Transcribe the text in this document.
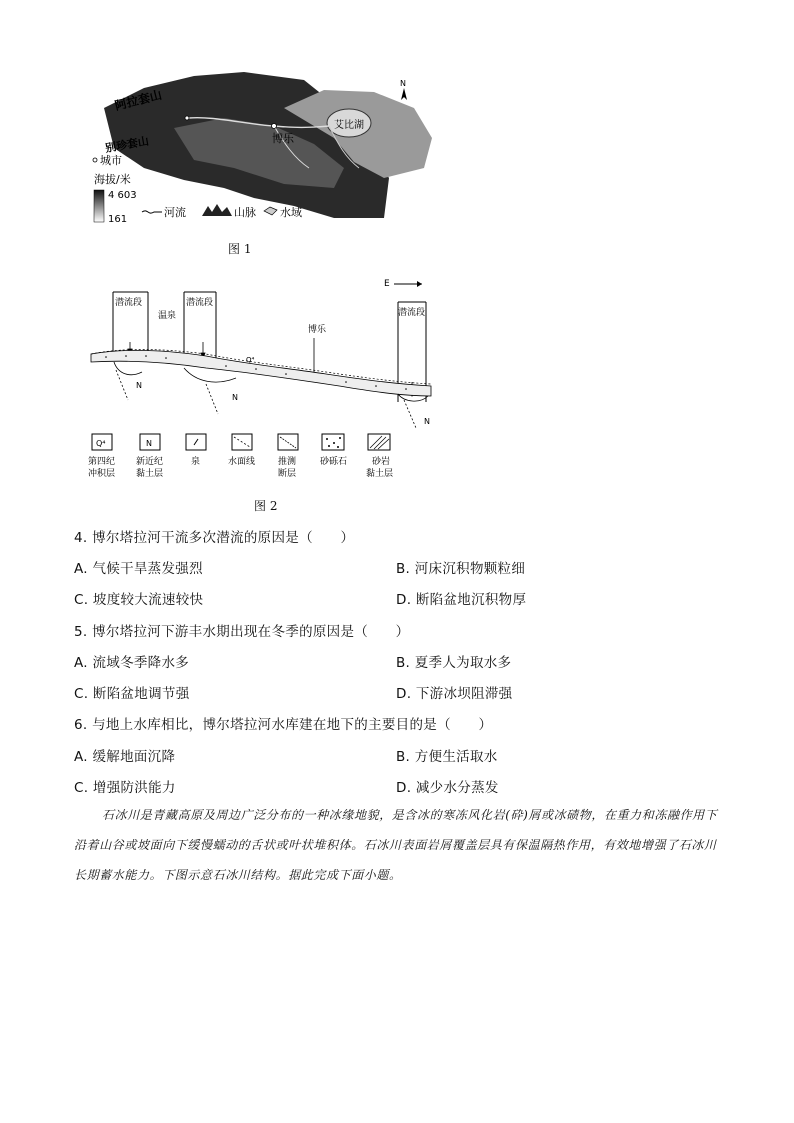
阿拉套山
别珍套山	博乐
艾比湖
N
城市
海拔/米
4 603
161
河流	山脉 水域
图 1
E
潜流段	潜流段
潜流段
温泉
博乐
Q⁴
N
N
N
Q⁴
第四纪
冲积层
N
新近纪
黏土层
泉	水面线	推测
断层
砂砾石	砂岩
黏土层
图 2
4. 博尔塔拉河干流多次潜流的原因是（　　）
A. 气候干旱蒸发强烈	B. 河床沉积物颗粒细
C. 坡度较大流速较快	D. 断陷盆地沉积物厚
5. 博尔塔拉河下游丰水期出现在冬季的原因是（　　）
A. 流域冬季降水多	B. 夏季人为取水多
C. 断陷盆地调节强	D. 下游冰坝阻滞强
6. 与地上水库相比，博尔塔拉河水库建在地下的主要目的是（　　）
A. 缓解地面沉降	B. 方便生活取水
C. 增强防洪能力	D. 减少水分蒸发
石冰川是青藏高原及周边广泛分布的一种冰缘地貌，是含冰的寒冻风化岩(砕)屑或冰碛物，在重力和冻融作用下沿着山谷或坡面向下缓慢蠕动的舌状或叶状堆积体。石冰川表面岩屑覆盖层具有保温隔热作用，有效地增强了石冰川长期蓄水能力。下图示意石冰川结构。据此完成下面小题。
